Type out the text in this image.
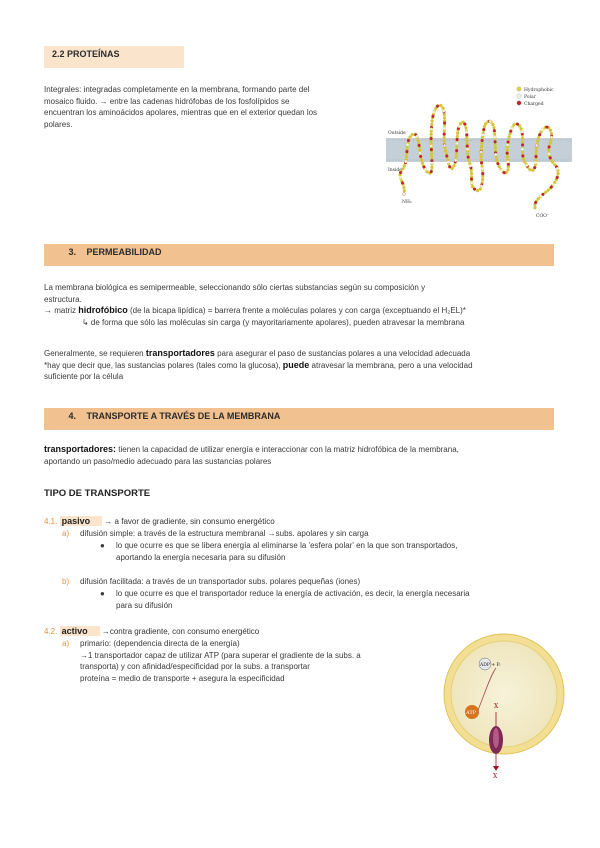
2.2 PROTEÍNAS
Integrales: integradas completamente en la membrana, formando parte del
mosaico fluido. → entre las cadenas hidrófobas de los fosfolípidos se
encuentran los aminoácidos apolares, mientras que en el exterior quedan los
polares.
Hydrophobic
Polar
Charged
Outside
Inside
NH₂
COO⁻
3. PERMEABILIDAD
La membrana biológica es semipermeable, seleccionando sólo ciertas substancias según su composición y
estructura.
→ matriz hidrofóbico (de la bicapa lipídica) = barrera frente a moléculas polares y con carga (exceptuando el H₂EL)*
↳ de forma que sólo las moléculas sin carga (y mayoritariamente apolares), pueden atravesar la membrana
Generalmente, se requieren transportadores para asegurar el paso de sustancias polares a una velocidad adecuada
*hay que decir que, las sustancias polares (tales como la glucosa), puede atravesar la membrana, pero a una velocidad
suficiente por la célula
4. TRANSPORTE A TRAVÉS DE LA MEMBRANA
transportadores: tienen la capacidad de utilizar energía e interaccionar con la matriz hidrofóbica de la membrana,
aportando un paso/medio adecuado para las sustancias polares
TIPO DE TRANSPORTE
4.1. pasivo → a favor de gradiente, sin consumo energético
a) difusión simple: a través de la estructura membranal →subs. apolares y sin carga
● lo que ocurre es que se libera energía al eliminarse la 'esfera polar' en la que son transportados,
aportando la energía necesaria para su difusión
b) difusión facilitada: a través de un transportador subs. polares pequeñas (iones)
● lo que ocurre es que el transportador reduce la energía de activación, es decir, la energía necesaria
para su difusión
4.2. activo →contra gradiente, con consumo energético
a) primario: (dependencia directa de la energía)
→1 transportador capaz de utilizar ATP (para superar el gradiente de la subs. a
transporta) y con afinidad/especificidad por la subs. a transportar
proteína = medio de transporte + asegura la especificidad
ADP + Pᵢ
ATP
X
X
